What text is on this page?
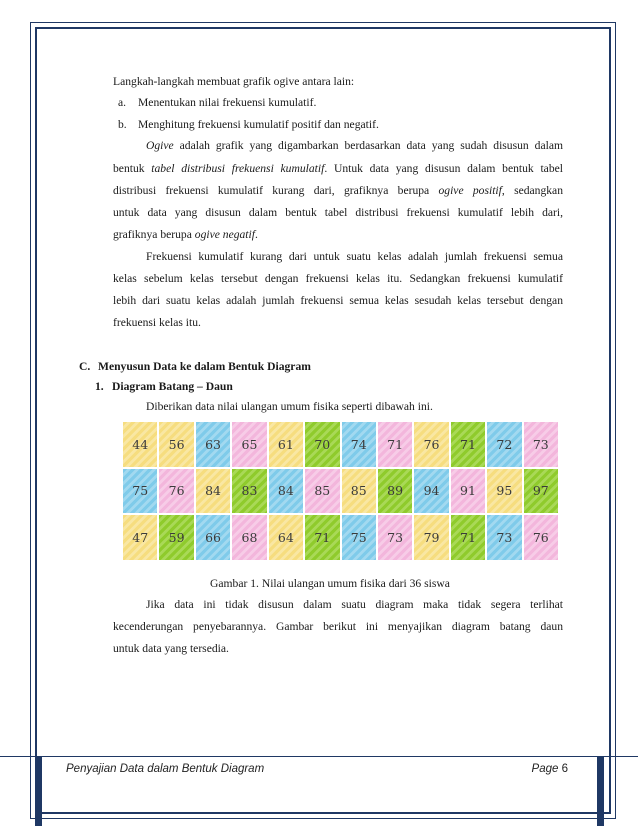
Langkah-langkah membuat grafik ogive antara lain:
a. Menentukan nilai frekuensi kumulatif.
b. Menghitung frekuensi kumulatif positif dan negatif.
Ogive adalah grafik yang digambarkan berdasarkan data yang sudah disusun dalam
bentuk tabel distribusi frekuensi kumulatif. Untuk data yang disusun dalam bentuk tabel
distribusi frekuensi kumulatif kurang dari, grafiknya berupa ogive positif, sedangkan
untuk data yang disusun dalam bentuk tabel distribusi frekuensi kumulatif lebih dari,
grafiknya berupa ogive negatif.
Frekuensi kumulatif kurang dari untuk suatu kelas adalah jumlah frekuensi semua
kelas sebelum kelas tersebut dengan frekuensi kelas itu. Sedangkan frekuensi kumulatif
lebih dari suatu kelas adalah jumlah frekuensi semua kelas sesudah kelas tersebut dengan
frekuensi kelas itu.
C. Menyusun Data ke dalam Bentuk Diagram
1. Diagram Batang – Daun
Diberikan data nilai ulangan umum fisika seperti dibawah ini.
44	56	63	65	61	70	74	71	76	71	72	73
75	76	84	83	84	85	85	89	94	91	95	97
47	59	66	68	64	71	75	73	79	71	73	76
Gambar 1. Nilai ulangan umum fisika dari 36 siswa
Jika data ini tidak disusun dalam suatu diagram maka tidak segera terlihat
kecenderungan penyebarannya. Gambar berikut ini menyajikan diagram batang daun
untuk data yang tersedia.
Penyajian Data dalam Bentuk Diagram	Page 6
